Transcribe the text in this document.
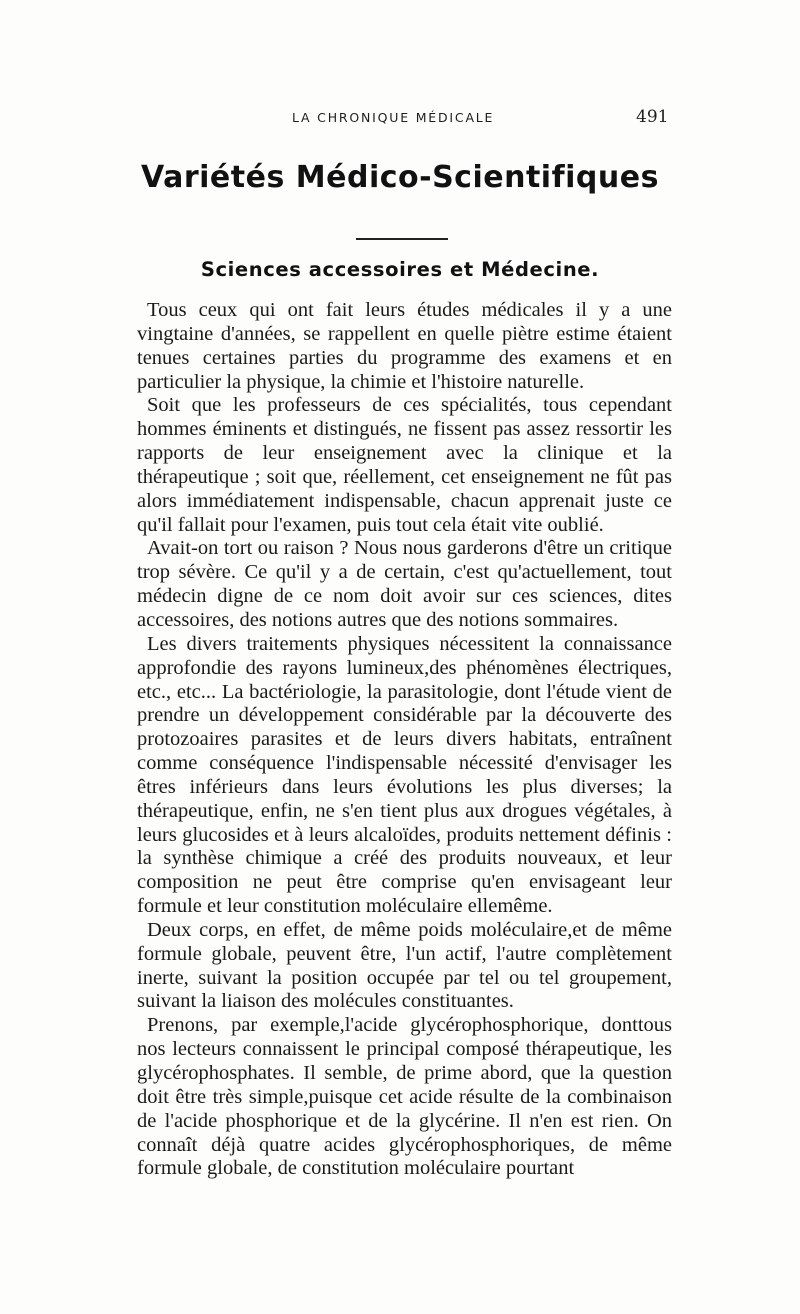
LA CHRONIQUE MÉDICALE	491
Variétés Médico-Scientifiques
Sciences accessoires et Médecine.

Tous ceux qui ont fait leurs études médicales il y a une vingtaine d'années, se rappellent en quelle piètre estime étaient tenues certaines parties du programme des examens et en particulier la physique, la chimie et l'histoire naturelle.

Soit que les professeurs de ces spécialités, tous cependant hommes éminents et distingués, ne fissent pas assez ressortir les rapports de leur enseignement avec la clinique et la thérapeutique ; soit que, réellement, cet enseignement ne fût pas alors immédiatement indispensable, chacun apprenait juste ce qu'il fallait pour l'examen, puis tout cela était vite oublié.

Avait-on tort ou raison ? Nous nous garderons d'être un critique trop sévère. Ce qu'il y a de certain, c'est qu'actuellement, tout médecin digne de ce nom doit avoir sur ces sciences, dites accessoires, des notions autres que des notions sommaires.

Les divers traitements physiques nécessitent la connaissance approfondie des rayons lumineux,des phénomènes électriques, etc., etc... La bactériologie, la parasitologie, dont l'étude vient de prendre un développement considérable par la découverte des protozoaires parasites et de leurs divers habitats, entraînent comme conséquence l'indispensable nécessité d'envisager les êtres inférieurs dans leurs évolutions les plus diverses; la thérapeutique, enfin, ne s'en tient plus aux drogues végétales, à leurs glucosides et à leurs alcaloïdes, produits nettement définis : la synthèse chimique a créé des produits nouveaux, et leur composition ne peut être comprise qu'en envisageant leur formule et leur constitution moléculaire ellemême.

Deux corps, en effet, de même poids moléculaire,et de même formule globale, peuvent être, l'un actif, l'autre complètement inerte, suivant la position occupée par tel ou tel groupement, suivant la liaison des molécules constituantes.

Prenons, par exemple,l'acide glycérophosphorique, donttous nos lecteurs connaissent le principal composé thérapeutique, les glycérophosphates. Il semble, de prime abord, que la question doit être très simple,puisque cet acide résulte de la combinaison de l'acide phosphorique et de la glycérine. Il n'en est rien. On connaît déjà quatre acides glycérophosphoriques, de même formule globale, de constitution moléculaire pourtant
